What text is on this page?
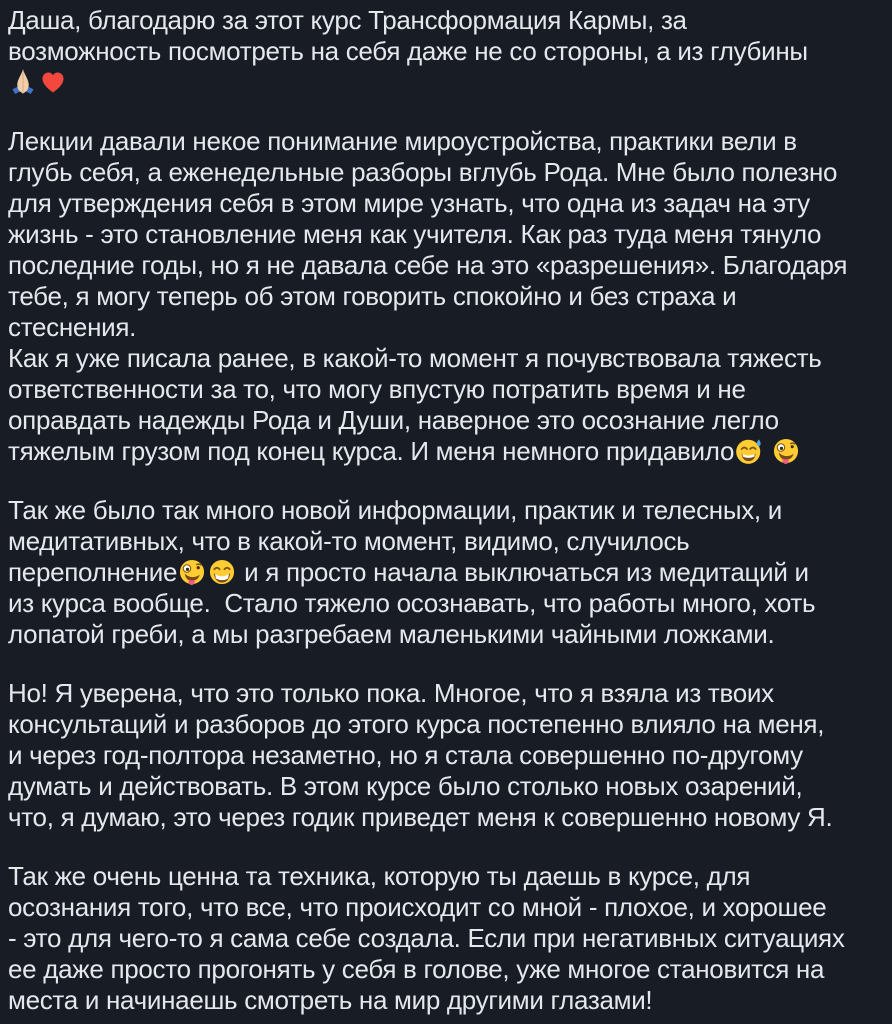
Даша, благодарю за этот курс Трансформация Кармы, за
возможность посмотреть на себя даже не со стороны, а из глубины
Лекции давали некое понимание мироустройства, практики вели в
глубь себя, а еженедельные разборы вглубь Рода. Мне было полезно
для утверждения себя в этом мире узнать, что одна из задач на эту
жизнь - это становление меня как учителя. Как раз туда меня тянуло
последние годы, но я не давала себе на это «разрешения». Благодаря
тебе, я могу теперь об этом говорить спокойно и без страха и
стеснения.
Как я уже писала ранее, в какой-то момент я почувствовала тяжесть
ответственности за то, что могу впустую потратить время и не
оправдать надежды Рода и Души, наверное это осознание легло
тяжелым грузом под конец курса. И меня немного придавило

Так же было так много новой информации, практик и телесных, и
медитативных, что в какой-то момент, видимо, случилось
переполнение
и я просто начала выключаться из медитаций и
из курса вообще.  Стало тяжело осознавать, что работы много, хоть
лопатой греби, а мы разгребаем маленькими чайными ложками.
Но! Я уверена, что это только пока. Многое, что я взяла из твоих
консультаций и разборов до этого курса постепенно влияло на меня,
и через год-полтора незаметно, но я стала совершенно по-другому
думать и действовать. В этом курсе было столько новых озарений,
что, я думаю, это через годик приведет меня к совершенно новому Я.
Так же очень ценна та техника, которую ты даешь в курсе, для
осознания того, что все, что происходит со мной - плохое, и хорошее
- это для чего-то я сама себе создала. Если при негативных ситуациях
ее даже просто прогонять у себя в голове, уже многое становится на
места и начинаешь смотреть на мир другими глазами!
